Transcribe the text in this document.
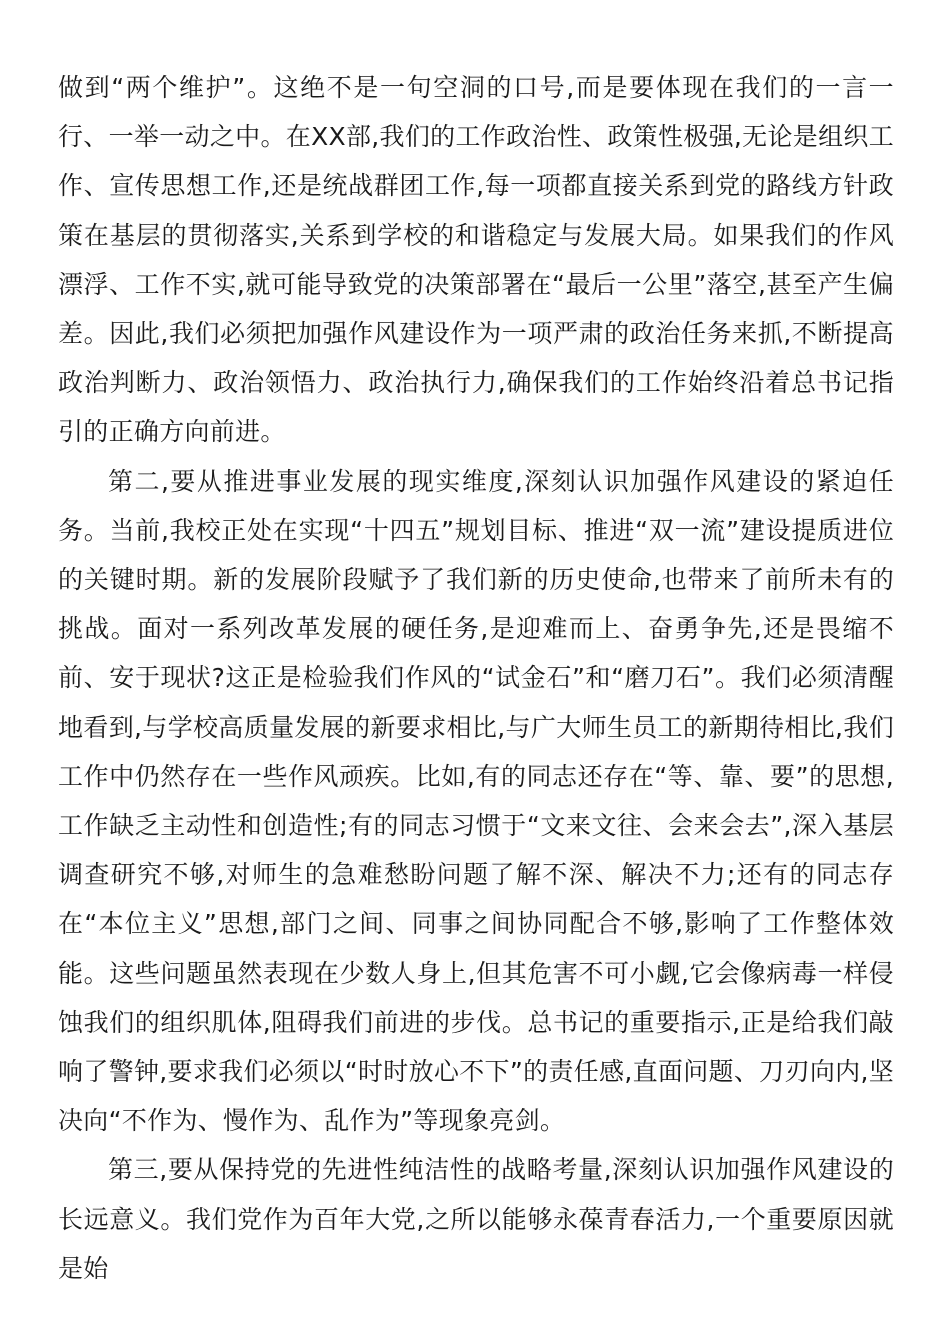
做到“两个维护”。这绝不是一句空洞的口号,而是要体现在我们的一言一行、一举一动之中。在XX部,我们的工作政治性、政策性极强,无论是组织工作、宣传思想工作,还是统战群团工作,每一项都直接关系到党的路线方针政策在基层的贯彻落实,关系到学校的和谐稳定与发展大局。如果我们的作风漂浮、工作不实,就可能导致党的决策部署在“最后一公里”落空,甚至产生偏差。因此,我们必须把加强作风建设作为一项严肃的政治任务来抓,不断提高政治判断力、政治领悟力、政治执行力,确保我们的工作始终沿着总书记指引的正确方向前进。

第二,要从推进事业发展的现实维度,深刻认识加强作风建设的紧迫任务。当前,我校正处在实现“十四五”规划目标、推进“双一流”建设提质进位的关键时期。新的发展阶段赋予了我们新的历史使命,也带来了前所未有的挑战。面对一系列改革发展的硬任务,是迎难而上、奋勇争先,还是畏缩不前、安于现状?这正是检验我们作风的“试金石”和“磨刀石”。我们必须清醒地看到,与学校高质量发展的新要求相比,与广大师生员工的新期待相比,我们工作中仍然存在一些作风顽疾。比如,有的同志还存在“等、靠、要”的思想,工作缺乏主动性和创造性;有的同志习惯于“文来文往、会来会去”,深入基层调查研究不够,对师生的急难愁盼问题了解不深、解决不力;还有的同志存在“本位主义”思想,部门之间、同事之间协同配合不够,影响了工作整体效能。这些问题虽然表现在少数人身上,但其危害不可小觑,它会像病毒一样侵蚀我们的组织肌体,阻碍我们前进的步伐。总书记的重要指示,正是给我们敲响了警钟,要求我们必须以“时时放心不下”的责任感,直面问题、刀刃向内,坚决向“不作为、慢作为、乱作为”等现象亮剑。

第三,要从保持党的先进性纯洁性的战略考量,深刻认识加强作风建设的长远意义。我们党作为百年大党,之所以能够永葆青春活力,一个重要原因就是始
